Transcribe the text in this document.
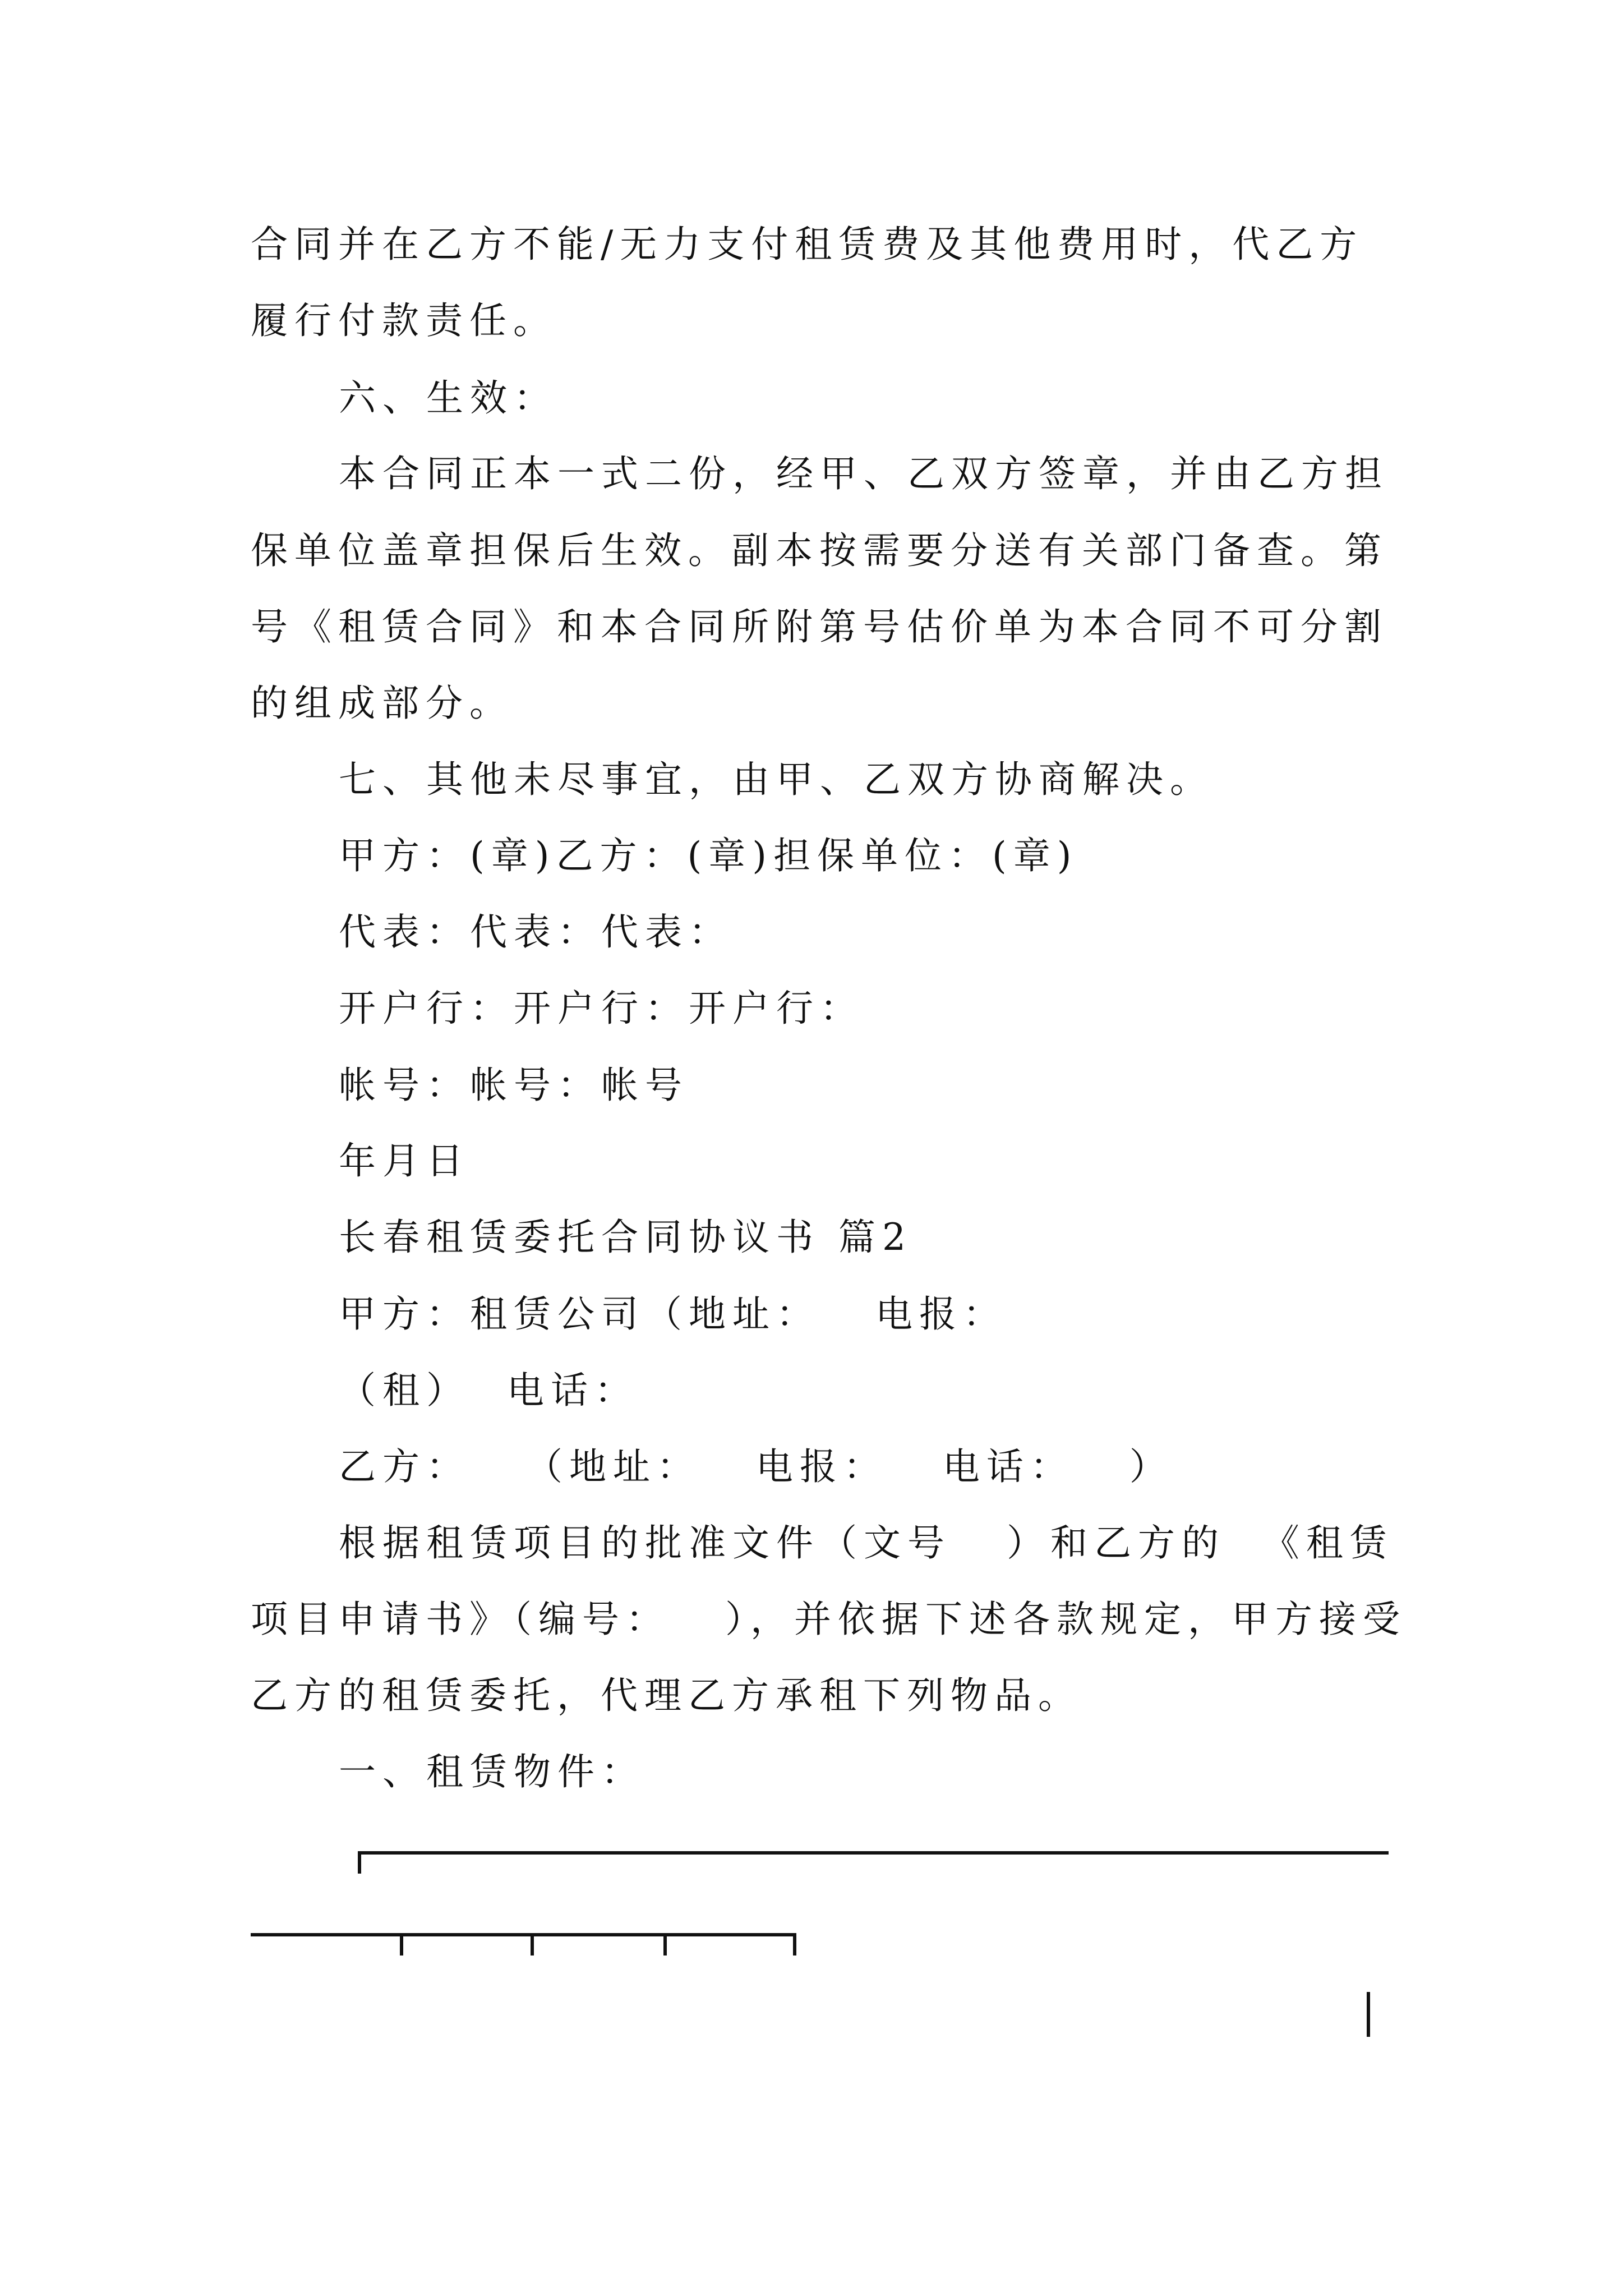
合同并在乙方不能/无力支付租赁费及其他费用时，代乙方
履行付款责任。
六、生效：
本合同正本一式二份，经甲、乙双方签章，并由乙方担
保单位盖章担保后生效。副本按需要分送有关部门备查。第
号《租赁合同》和本合同所附第号估价单为本合同不可分割
的组成部分。
七、其他未尽事宜，由甲、乙双方协商解决。
甲方：(章)乙方：(章)担保单位：(章)
代表：代表：代表：
开户行：开户行：开户行：
帐号：帐号：帐号
年月日
长春租赁委托合同协议书 篇2
甲方：租赁公司（地址：   电报：
（租）  电话：
乙方：   （地址：   电报：   电话：   ）
根据租赁项目的批准文件（文号   ）和乙方的  《租赁
项目申请书》（编号：   ），并依据下述各款规定，甲方接受
乙方的租赁委托，代理乙方承租下列物品。
一、租赁物件：
